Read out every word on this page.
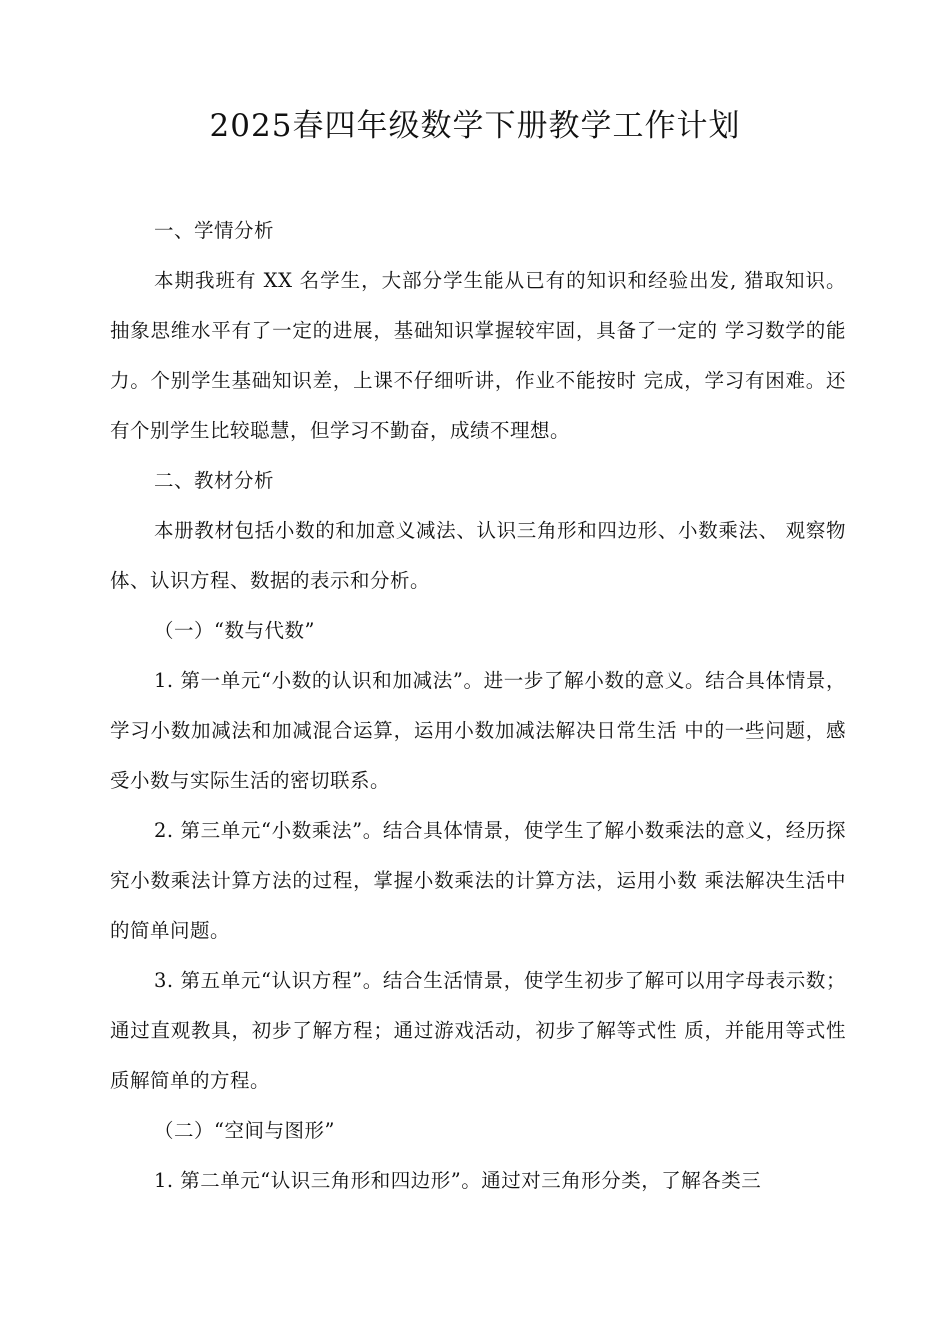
2025春四年级数学下册教学工作计划

一、学情分析

本期我班有 XX 名学生，大部分学生能从已有的知识和经验出发, 猎取知识。抽象思维水平有了一定的进展，基础知识掌握较牢固，具备了一定的 学习数学的能力。个别学生基础知识差，上课不仔细听讲，作业不能按时 完成，学习有困难。还有个别学生比较聪慧，但学习不勤奋，成绩不理想。

二、教材分析

本册教材包括小数的和加意义减法、认识三角形和四边形、小数乘法、 观察物体、认识方程、数据的表示和分析。

（一）“数与代数”

1. 第一单元“小数的认识和加减法”。进一步了解小数的意义。结合具体情景，学习小数加减法和加减混合运算，运用小数加减法解决日常生活 中的一些问题，感受小数与实际生活的密切联系。

2. 第三单元“小数乘法”。结合具体情景，使学生了解小数乘法的意义，经历探究小数乘法计算方法的过程，掌握小数乘法的计算方法，运用小数 乘法解决生活中的简单问题。

3. 第五单元“认识方程”。结合生活情景，使学生初步了解可以用字母表示数；通过直观教具，初步了解方程；通过游戏活动，初步了解等式性 质，并能用等式性质解简单的方程。

（二）“空间与图形”

1. 第二单元“认识三角形和四边形”。通过对三角形分类，了解各类三
